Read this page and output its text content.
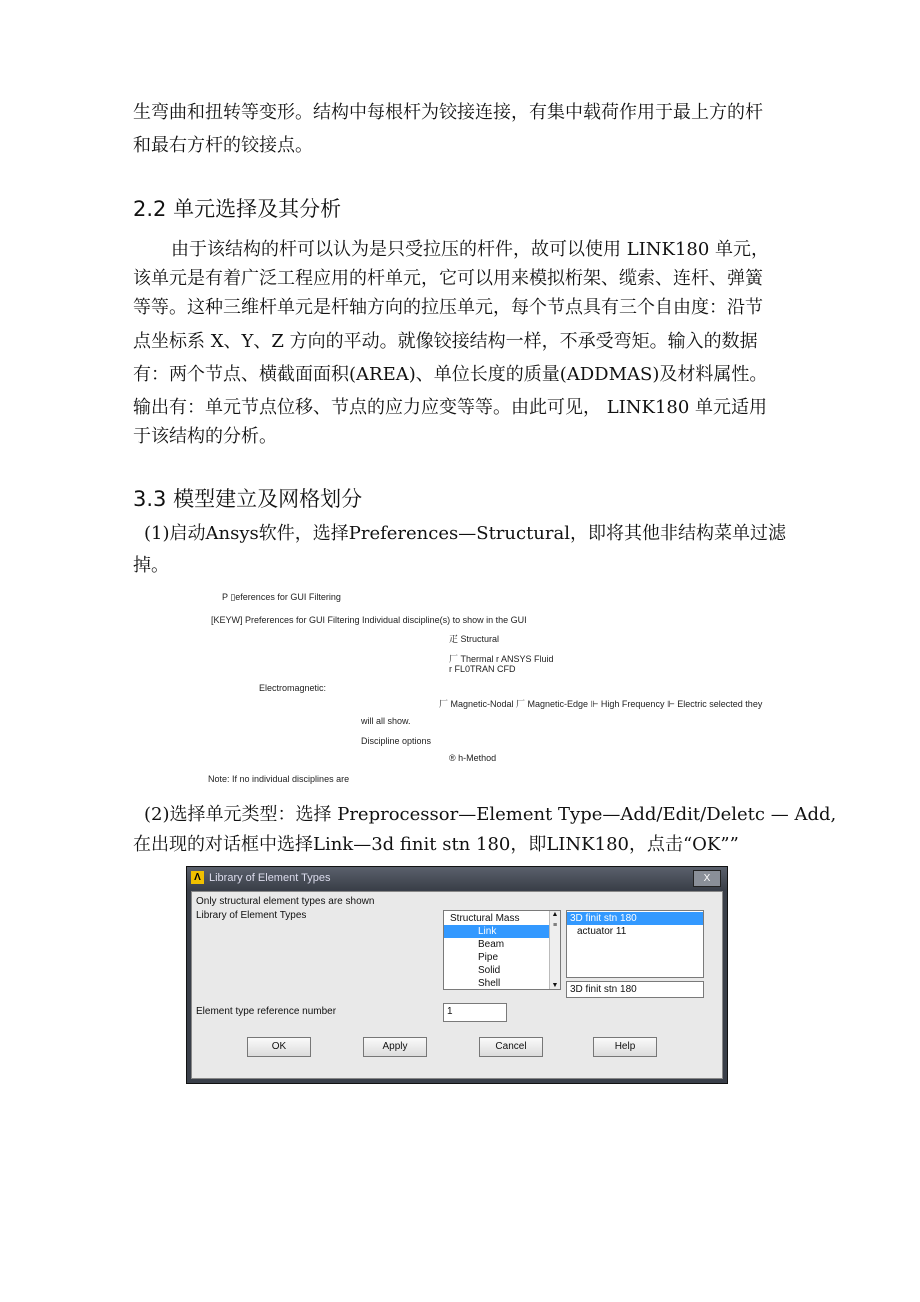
生弯曲和扭转等变形。结构中每根杆为铰接连接，有集中载荷作用于最上方的杆
和最右方杆的铰接点。
2.2 单元选择及其分析
由于该结构的杆可以认为是只受拉压的杆件，故可以使用 LINK180 单元，
该单元是有着广泛工程应用的杆单元，它可以用来模拟桁架、缆索、连杆、弹簧
等等。这种三维杆单元是杆轴方向的拉压单元，每个节点具有三个自由度：沿节
点坐标系 X、Y、Z 方向的平动。就像铰接结构一样，不承受弯矩。输入的数据
有：两个节点、横截面面积(AREA)、单位长度的质量(ADDMAS)及材料属性。
输出有：单元节点位移、节点的应力应变等等。由此可见， LINK180 单元适用
于该结构的分析。
3.3 模型建立及网格划分
(1)启动Ansys软件，选择Preferences—Structural，即将其他非结构菜单过滤
掉。
P ▯eferences for GUI Filtering
[KEYW] Preferences for GUI Filtering Individual discipline(s) to show in the GUI
疋 Structural
厂 Thermal r ANSYS Fluid
r FL0TRAN CFD
Electromagnetic:
厂 Magnetic-Nodal 厂 Magnetic-Edge ⊩ High Frequency ⊩ Electric selected they
will all show.
Discipline options
® h-Method
Note: If no individual disciplines are
(2)选择单元类型：选择 Preprocessor—Element Type—Add/Edit/Deletc — Add,
在出现的对话框中选择Link—3d finit stn 180，即LINK180，点击“OK””
Λ Library of Element Types	X
Only structural element types are shown
Library of Element Types	Structural Mass
Link
Beam
Pipe
Solid
Shell
▲
≡
▼
3D finit stn 180
actuator 11
3D finit stn 180
Element type reference number	1
OK	Apply	Cancel	Help
